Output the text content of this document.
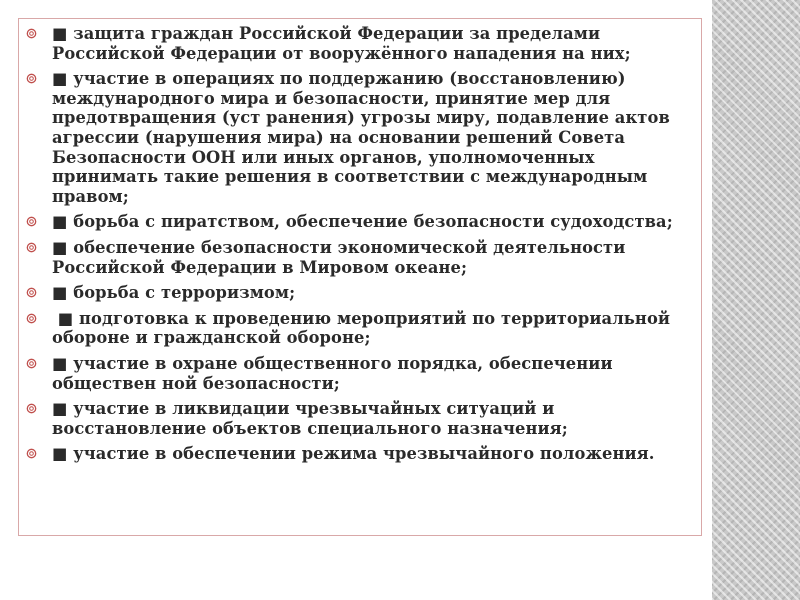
■ защита граждан Российской Федерации за пределами
Российской Федерации от вооружённого нападения на них;
■ участие в операциях по поддержанию (восстановлению)
международного мира и безопасности, принятие мер для
предотвращения (уст ранения) угрозы миру, подавление актов
агрессии (нарушения мира) на основании решений Совета
Безопасности ООН или иных органов, уполномоченных
принимать такие решения в соответствии с международным
правом;
■ борьба с пиратством, обеспечение безопасности судоходства;
■ обеспечение безопасности экономической деятельности
Российской Федерации в Мировом океане;
■ борьба с терроризмом;
■ подготовка к проведению мероприятий по территориальной
обороне и гражданской обороне;
■ участие в охране общественного порядка, обеспечении
обществен ной безопасности;
■ участие в ликвидации чрезвычайных ситуаций и
восстановление объектов специального назначения;
■ участие в обеспечении режима чрезвычайного положения.
